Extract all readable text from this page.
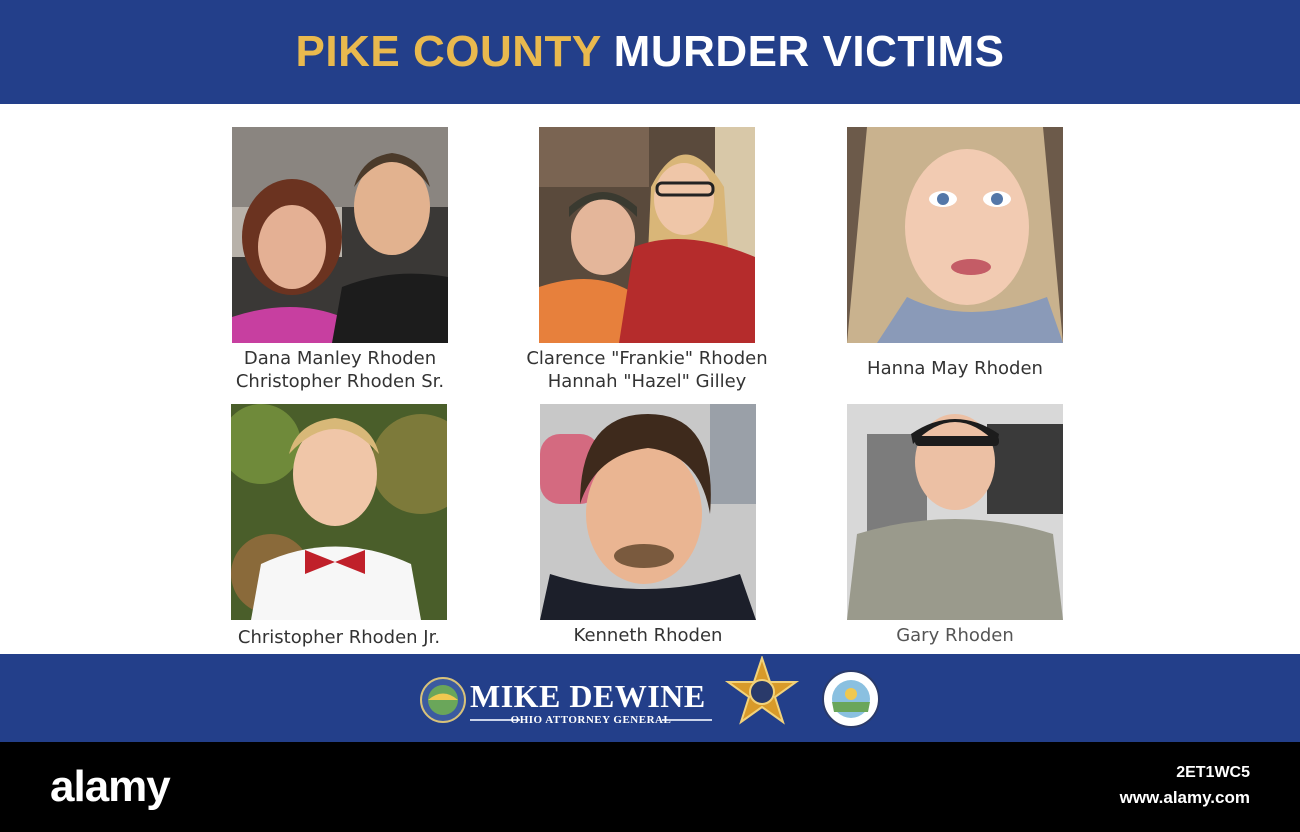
PIKE COUNTY MURDER VICTIMS
Dana Manley Rhoden
Christopher Rhoden Sr.
Clarence "Frankie" Rhoden
Hannah "Hazel" Gilley
Hanna May Rhoden
Christopher Rhoden Jr.	Kenneth Rhoden	Gary Rhoden
MIKE DEWINE
OHIO ATTORNEY GENERAL
alamy	2ET1WC5
www.alamy.com
